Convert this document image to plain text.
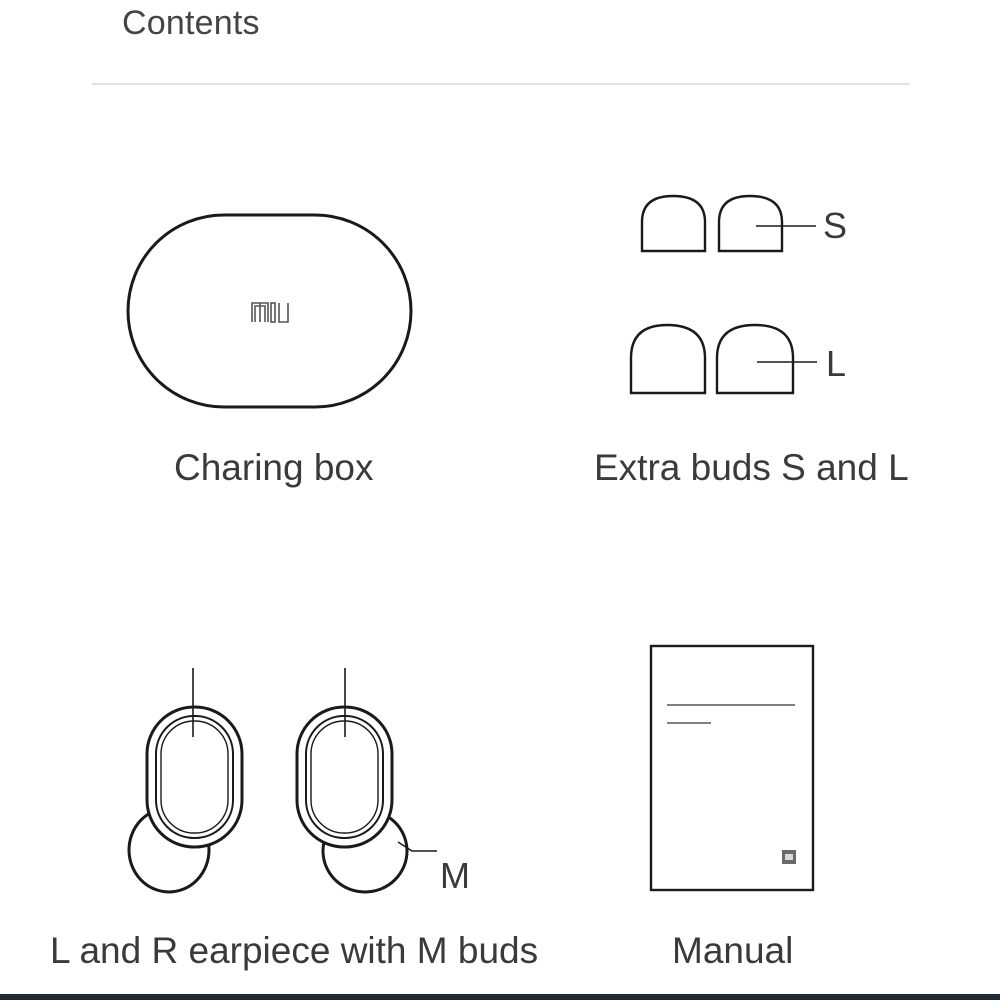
Contents
S
L
M
Charing box	Extra buds S and L
L and R earpiece with M buds	Manual
